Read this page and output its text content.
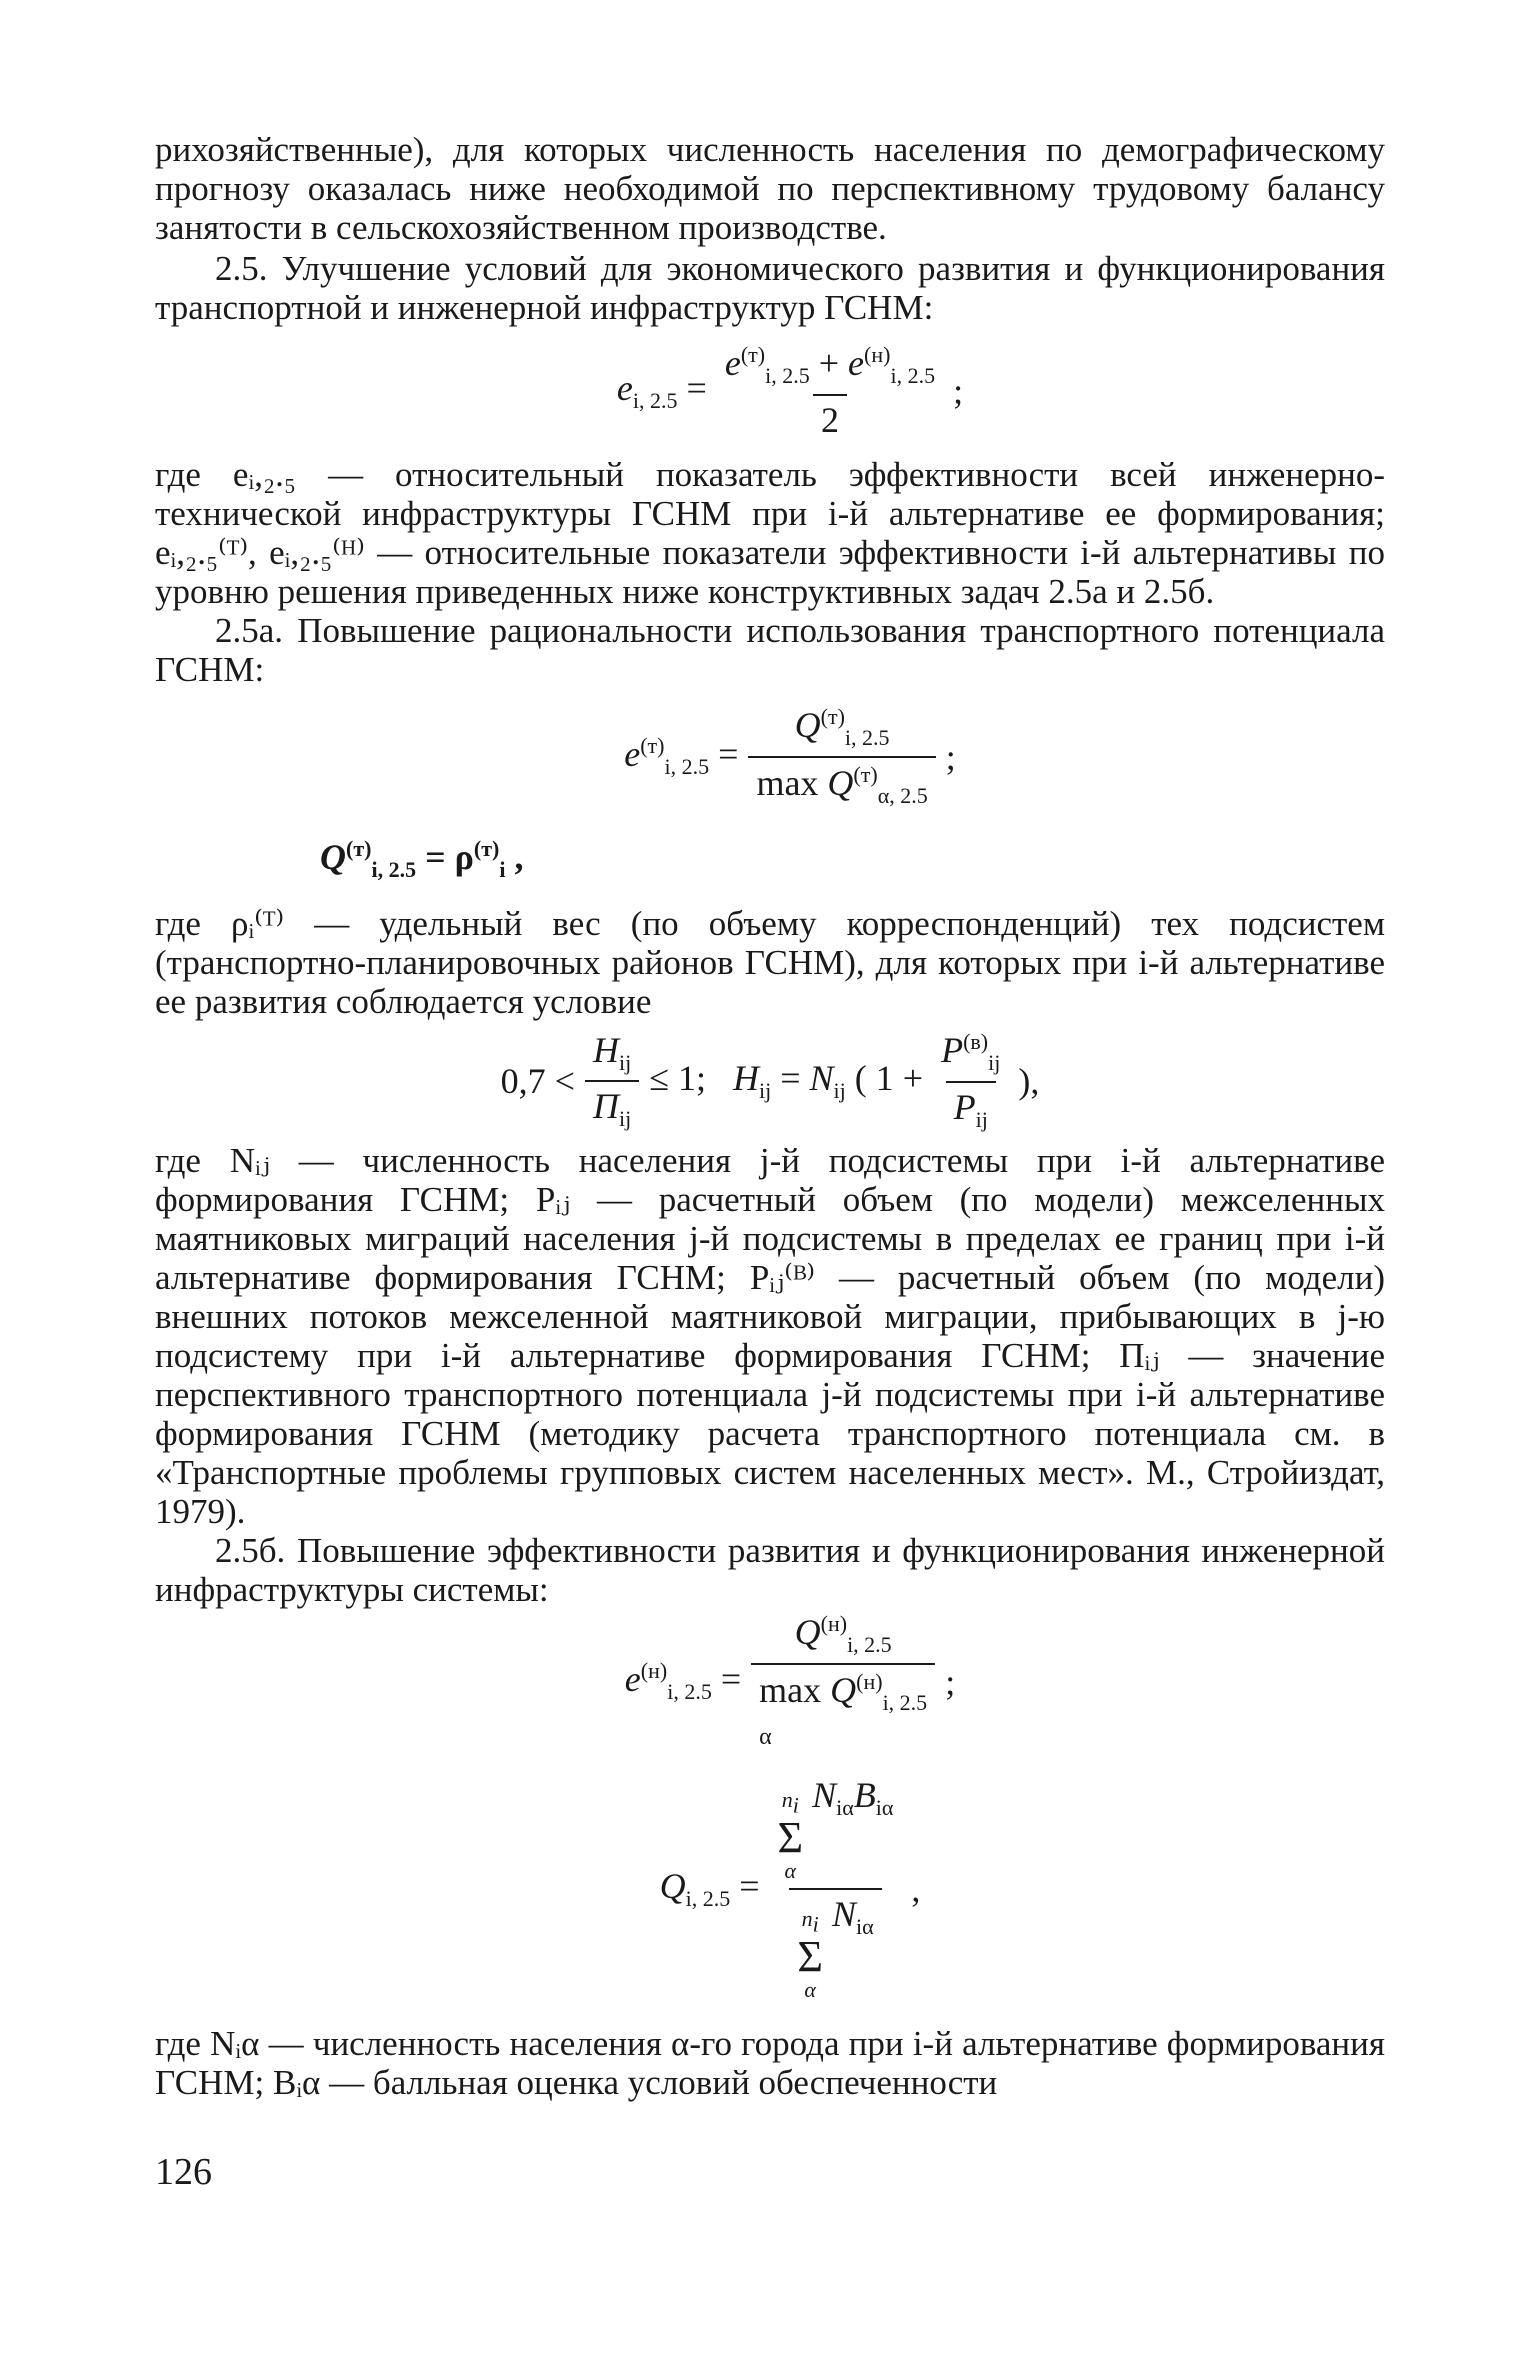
рихозяйственные), для которых численность населения по демографическому прогнозу оказалась ниже необходимой по перспективному трудовому балансу занятости в сельскохозяйственном производстве.

2.5. Улучшение условий для экономического развития и функционирования транспортной и инженерной инфраструктур ГСНМ:

$e_{i, 2.5} = \frac{e^{(т)}_{i, 2.5} + e^{(н)}_{i, 2.5}}{2}$ ;

где eᵢ,₂.₅ — относительный показатель эффективности всей инженерно-технической инфраструктуры ГСНМ при i-й альтернативе ее формирования; eᵢ,₂.₅⁽ᵀ⁾, eᵢ,₂.₅⁽ᴴ⁾ — относительные показатели эффективности i-й альтернативы по уровню решения приведенных ниже конструктивных задач 2.5а и 2.5б.

2.5а. Повышение рациональности использования транспортного потенциала ГСНМ:

$e^{(т)}_{i, 2.5} = \frac{Q^{(т)}_{i, 2.5}}{\max Q^{(т)}_{\alpha, 2.5}}$ ;
$Q^{(т)}_{i, 2.5} = \rho^{(т)}_i$ ,

где ρᵢ⁽ᵀ⁾ — удельный вес (по объему корреспонденций) тех подсистем (транспортно-планировочных районов ГСНМ), для которых при i-й альтернативе ее развития соблюдается условие

$0,7 < \frac{H_{ij}}{П_{ij}} \le 1$;   $H_{ij} = N_{ij}$ ( $1 + \frac{P^{(в)}_{ij}}{P_{ij}}$ ),

где Nᵢⱼ — численность населения j-й подсистемы при i-й альтернативе формирования ГСНМ; Pᵢⱼ — расчетный объем (по модели) межселенных маятниковых миграций населения j-й подсистемы в пределах ее границ при i-й альтернативе формирования ГСНМ; Pᵢⱼ⁽ᴮ⁾ — расчетный объем (по модели) внешних потоков межселенной маятниковой миграции, прибывающих в j-ю подсистему при i-й альтернативе формирования ГСНМ; Пᵢⱼ — значение перспективного транспортного потенциала j-й подсистемы при i-й альтернативе формирования ГСНМ (методику расчета транспортного потенциала см. в «Транспортные проблемы групповых систем населенных мест». М., Стройиздат, 1979).

2.5б. Повышение эффективности развития и функционирования инженерной инфраструктуры системы:

$e^{(н)}_{i, 2.5}$ =
$Q^{(н)}_{i, 2.5}$
$\max Q^{(н)}_{i, 2.5}$
α
;
$Q_{i, 2.5} = n_i$
Σ
α
$N_{i\alpha}B_{i\alpha}$
$n_i$
Σ
α
$N_{i\alpha}$ ,

где Nᵢα — численность населения α-го города при i-й альтернативе формирования ГСНМ; Bᵢα — балльная оценка условий обеспеченности

126
